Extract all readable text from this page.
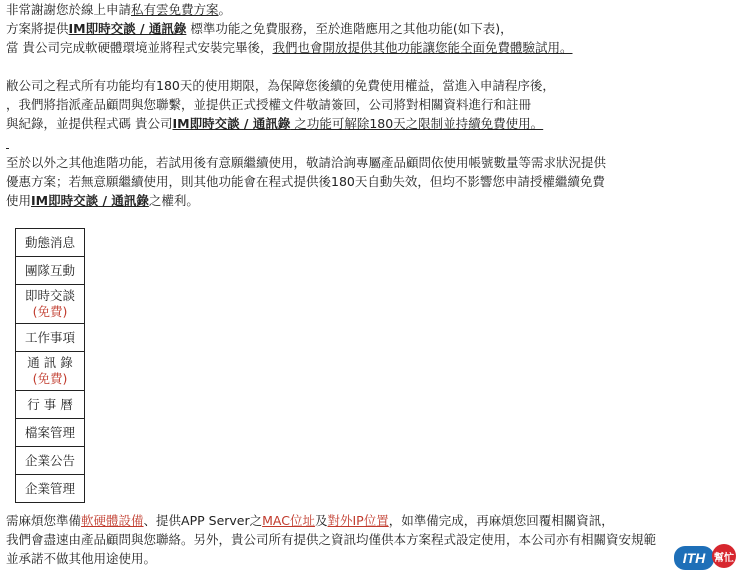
非常謝謝您於線上申請私有雲免費方案。
方案將提供IM即時交談 / 通訊錄 標準功能之免費服務，至於進階應用之其他功能(如下表)，
當 貴公司完成軟硬體環境並將程式安裝完畢後，我們也會開放提供其他功能讓您能全面免費體驗試用。
敝公司之程式所有功能均有180天的使用期限，為保障您後續的免費使用權益，當進入申請程序後，
，我們將指派產品顧問與您聯繫，並提供正式授權文件敬請簽回，公司將對相關資料進行和註冊
與紀錄，並提供程式碼 貴公司IM即時交談 / 通訊錄 之功能可解除180天之限制並持續免費使用。
至於以外之其他進階功能，若試用後有意願繼續使用，敬請洽詢專屬產品顧問依使用帳號數量等需求狀況提供
優惠方案；若無意願繼續使用，則其他功能會在程式提供後180天自動失效，但均不影響您申請授權繼續免費
使用IM即時交談 / 通訊錄之權利。
動態消息
團隊互動
即時交談
(免費)
工作事項
通 訊 錄
(免費)
行 事 曆
檔案管理
企業公告
企業管理
需麻煩您準備軟硬體設備、提供APP Server之MAC位址及對外IP位置，如準備完成，再麻煩您回覆相關資訊，
我們會盡速由產品顧問與您聯絡。另外，貴公司所有提供之資訊均僅供本方案程式設定使用，本公司亦有相關資安規範
並承諾不做其他用途使用。	ITH 幫忙
